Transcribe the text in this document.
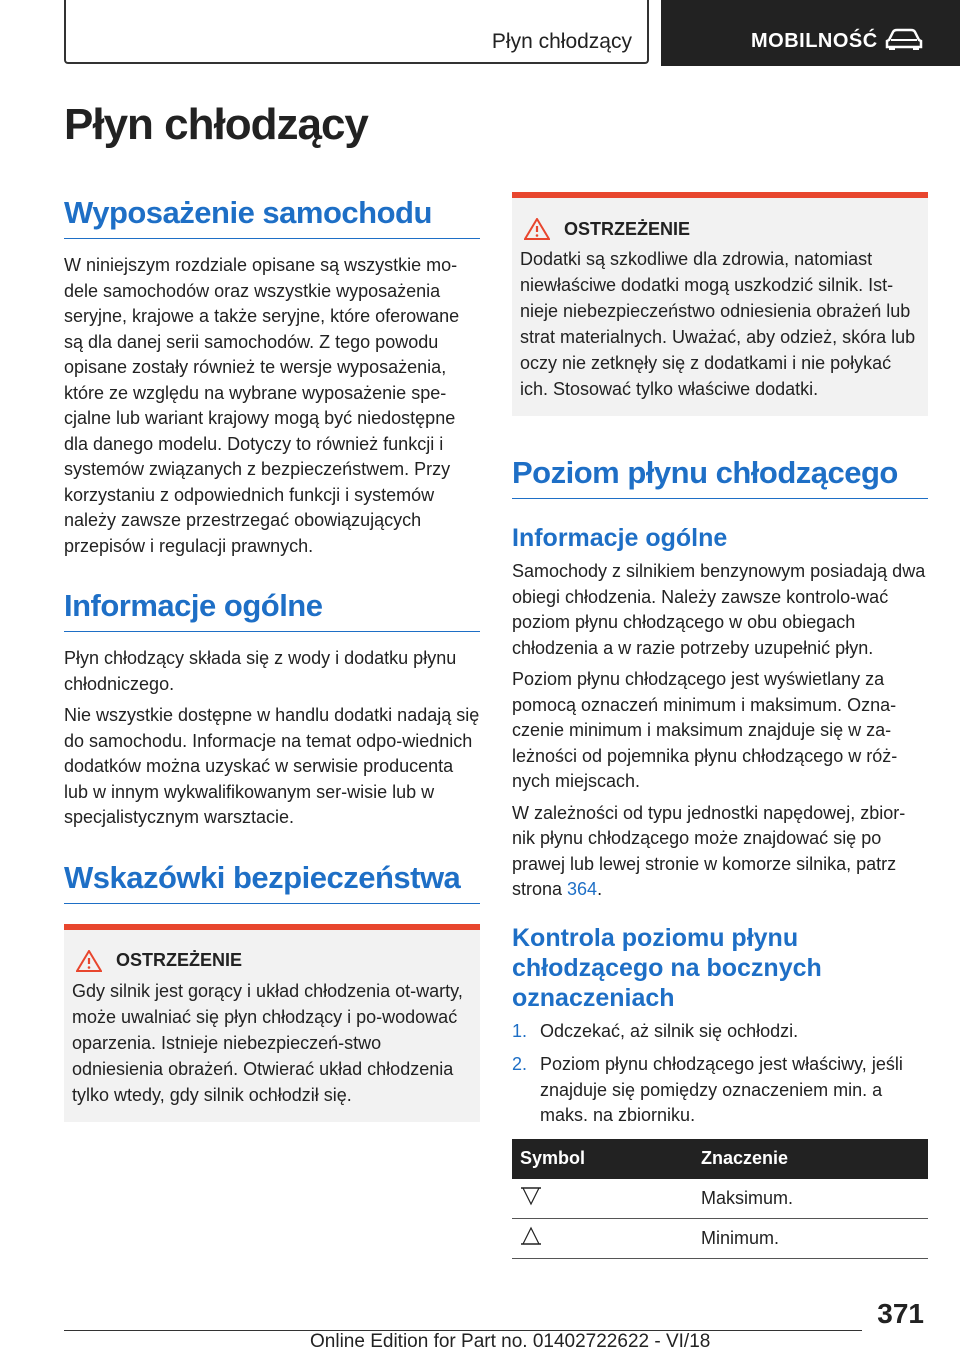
Płyn chłodzący	MOBILNOŚĆ
Płyn chłodzący
Wyposażenie samochodu

W niniejszym rozdziale opisane są wszystkie mo-dele samochodów oraz wszystkie wyposażenia seryjne, krajowe a także seryjne, które oferowane są dla danej serii samochodów. Z tego powodu opisane zostały również te wersje wyposażenia, które ze względu na wybrane wyposażenie spe-cjalne lub wariant krajowy mogą być niedostępne dla danego modelu. Dotyczy to również funkcji i systemów związanych z bezpieczeństwem. Przy korzystaniu z odpowiednich funkcji i systemów należy zawsze przestrzegać obowiązujących przepisów i regulacji prawnych.

Informacje ogólne

Płyn chłodzący składa się z wody i dodatku płynu chłodniczego.

Nie wszystkie dostępne w handlu dodatki nadają się do samochodu. Informacje na temat odpo-wiednich dodatków można uzyskać w serwisie producenta lub w innym wykwalifikowanym ser-wisie lub w specjalistycznym warsztacie.

Wskazówki bezpieczeństwa
OSTRZEŻENIE

Gdy silnik jest gorący i układ chłodzenia ot-warty, może uwalniać się płyn chłodzący i po-wodować oparzenia. Istnieje niebezpieczeń-stwo odniesienia obrażeń. Otwierać układ chłodzenia tylko wtedy, gdy silnik ochłodził się.

OSTRZEŻENIE

Dodatki są szkodliwe dla zdrowia, natomiast niewłaściwe dodatki mogą uszkodzić silnik. Ist-nieje niebezpieczeństwo odniesienia obrażeń lub strat materialnych. Uważać, aby odzież, skóra lub oczy nie zetknęły się z dodatkami i nie połykać ich. Stosować tylko właściwe dodatki.

Poziom płynu chłodzącego
Informacje ogólne

Samochody z silnikiem benzynowym posiadają dwa obiegi chłodzenia. Należy zawsze kontrolo-wać poziom płynu chłodzącego w obu obiegach chłodzenia a w razie potrzeby uzupełnić płyn.

Poziom płynu chłodzącego jest wyświetlany za pomocą oznaczeń minimum i maksimum. Ozna-czenie minimum i maksimum znajduje się w za-leżności od pojemnika płynu chłodzącego w róż-nych miejscach.

W zależności od typu jednostki napędowej, zbior-nik płynu chłodzącego może znajdować się po prawej lub lewej stronie w komorze silnika, patrz strona 364.

Kontrola poziomu płynu chłodzącego na bocznych oznaczeniach
1. Odczekać, aż silnik się ochłodzi.
2. Poziom płynu chłodzącego jest właściwy, jeśli znajduje się pomiędzy oznaczeniem min. a maks. na zbiorniku.
Symbol	Znaczenie
	Maksimum.
	Minimum.
371
Online Edition for Part no. 01402722622 - VI/18
